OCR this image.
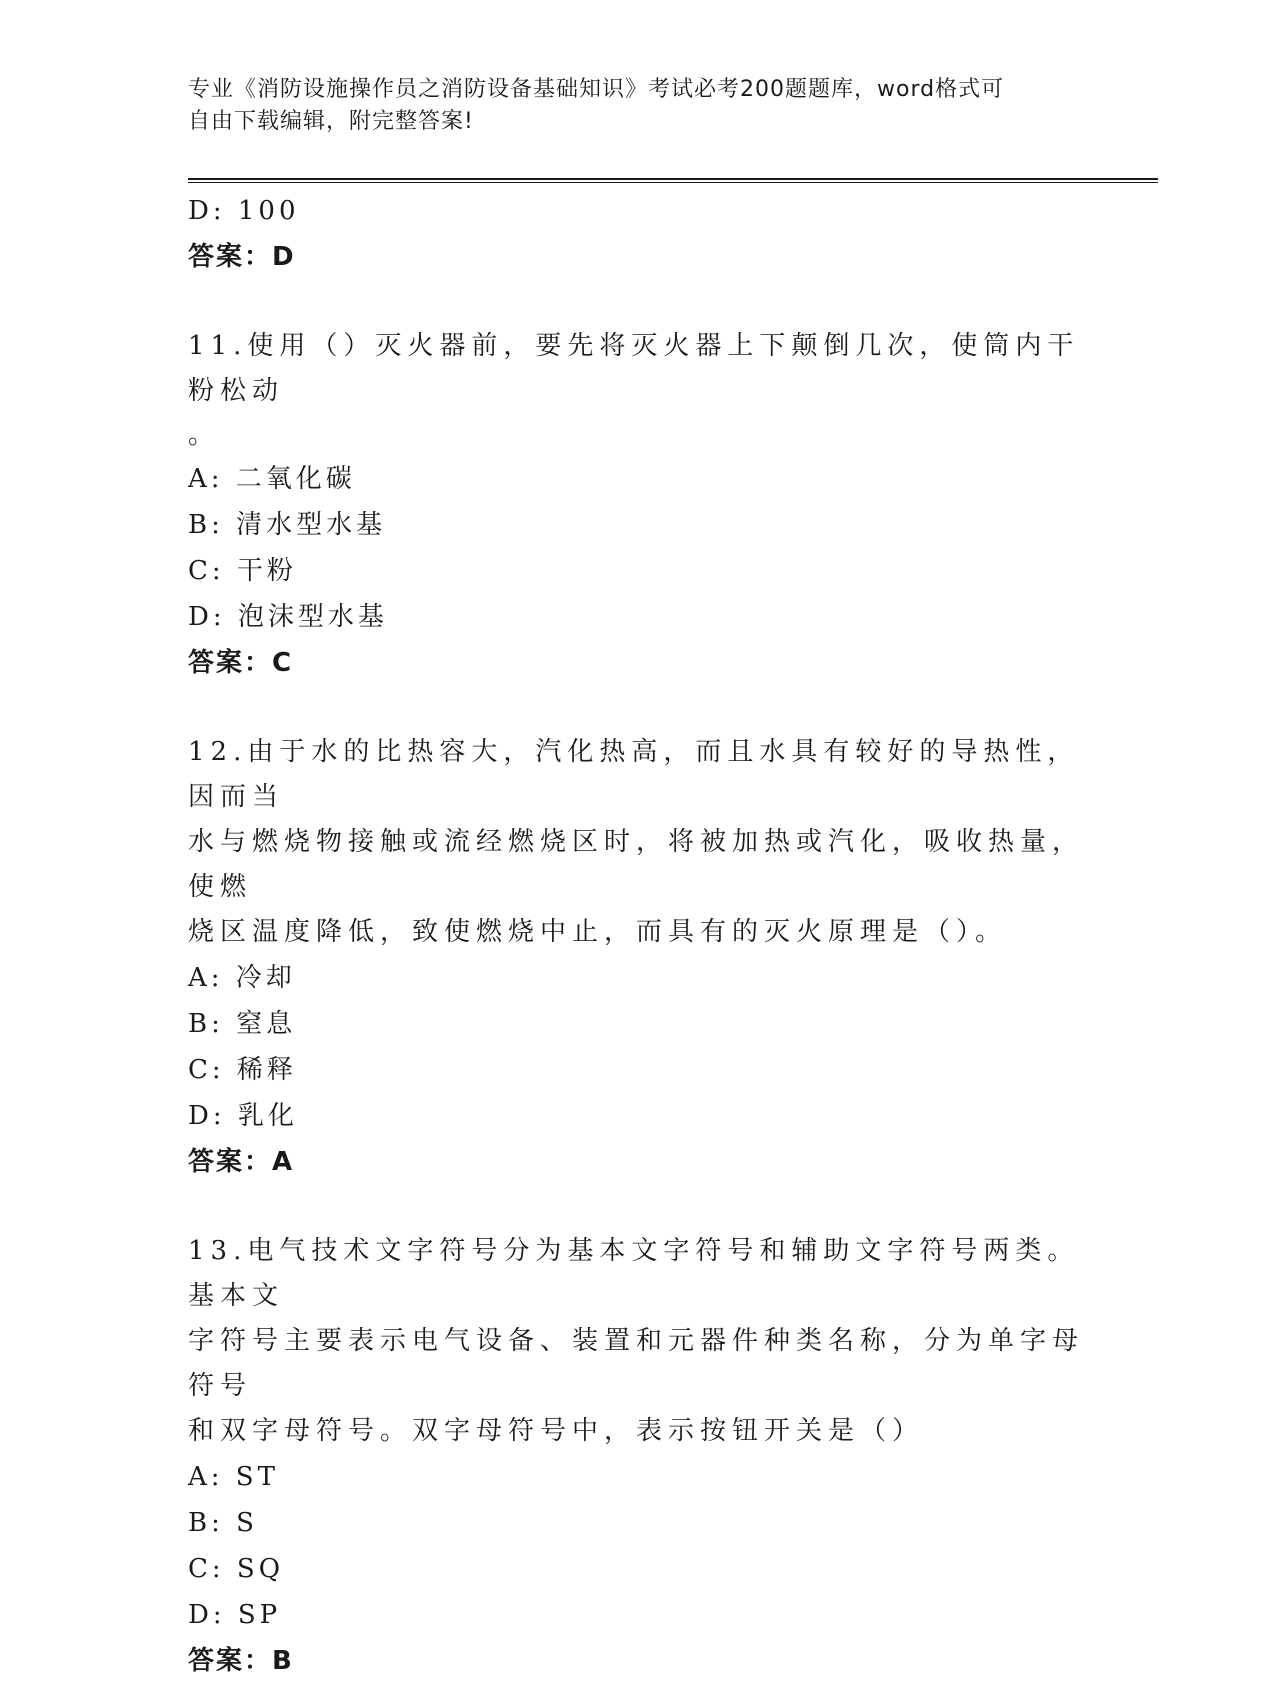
专业《消防设施操作员之消防设备基础知识》考试必考200题题库，word格式可
自由下载编辑，附完整答案!
D: 100
答案：D
11.使用（）灭火器前，要先将灭火器上下颠倒几次，使筒内干粉松动
。
A: 二氧化碳
B: 清水型水基
C: 干粉
D: 泡沫型水基
答案：C
12.由于水的比热容大，汽化热高，而且水具有较好的导热性，因而当
水与燃烧物接触或流经燃烧区时，将被加热或汽化，吸收热量，使燃
烧区温度降低，致使燃烧中止，而具有的灭火原理是（）。
A: 冷却
B: 窒息
C: 稀释
D: 乳化
答案：A
13.电气技术文字符号分为基本文字符号和辅助文字符号两类。基本文
字符号主要表示电气设备、装置和元器件种类名称，分为单字母符号
和双字母符号。双字母符号中，表示按钮开关是（）
A: ST
B: S
C: SQ
D: SP
答案：B
